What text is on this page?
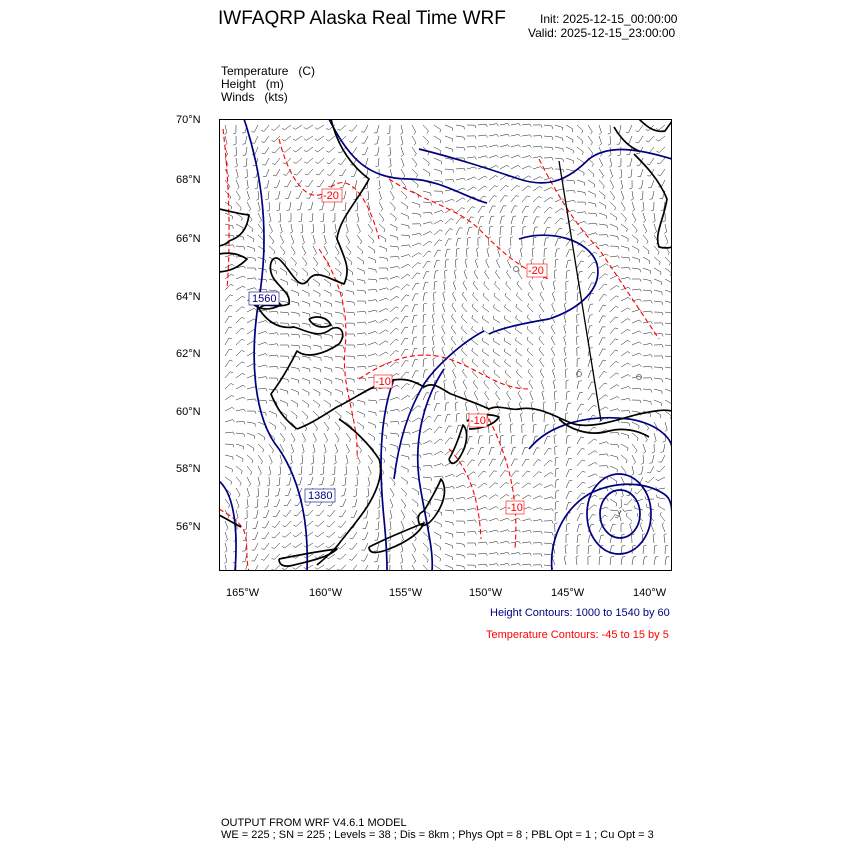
IWFAQRP Alaska Real Time WRF	Init: 2025-12-15_00:00:00
Valid: 2025-12-15_23:00:00
Temperature (C)
Height (m)
Winds (kts)
1560
1380
-20
-20
-10
-10
-10
70°N
68°N
66°N
64°N
62°N
60°N
58°N
56°N
165°W	160°W	155°W	150°W	145°W	140°W
Height Contours: 1000 to 1540 by 60
Temperature Contours: -45 to 15 by 5
OUTPUT FROM WRF V4.6.1 MODEL
WE = 225 ; SN = 225 ; Levels = 38 ; Dis = 8km ; Phys Opt = 8 ; PBL Opt = 1 ; Cu Opt = 3
